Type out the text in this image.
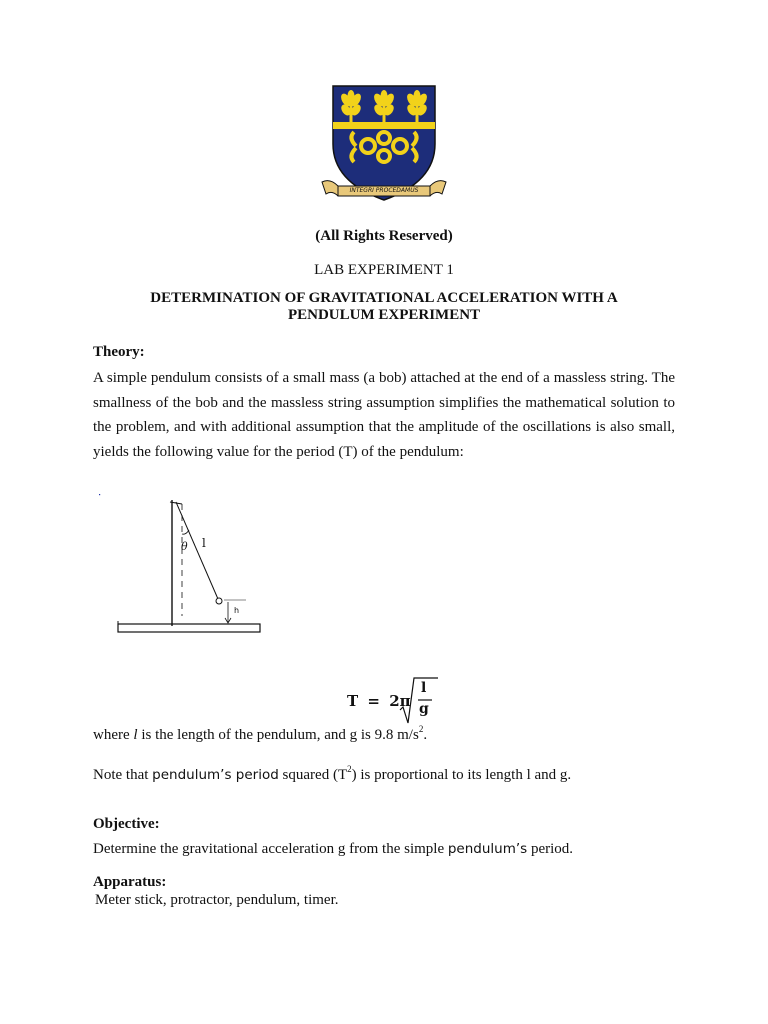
INTEGRI PROCEDAMUS
(All Rights Reserved)
LAB EXPERIMENT 1
DETERMINATION OF GRAVITATIONAL ACCELERATION WITH A
PENDULUM EXPERIMENT
Theory:
A simple pendulum consists of a small mass (a bob) attached at the end of a massless string. The smallness of the bob and the massless string assumption simplifies the mathematical solution to the problem, and with additional assumption that the amplitude of the oscillations is also small, yields the following value for the period (T) of the pendulum:
θ l
h
T = 2π
l
g
where l is the length of the pendulum, and g is 9.8 $m/s^2$.
Note that pendulum’s period squared $(T^2)$ is proportional to its length l and g.
Objective:
Determine the gravitational acceleration g from the simple pendulum’s period.
Apparatus:
Meter stick, protractor, pendulum, timer.
